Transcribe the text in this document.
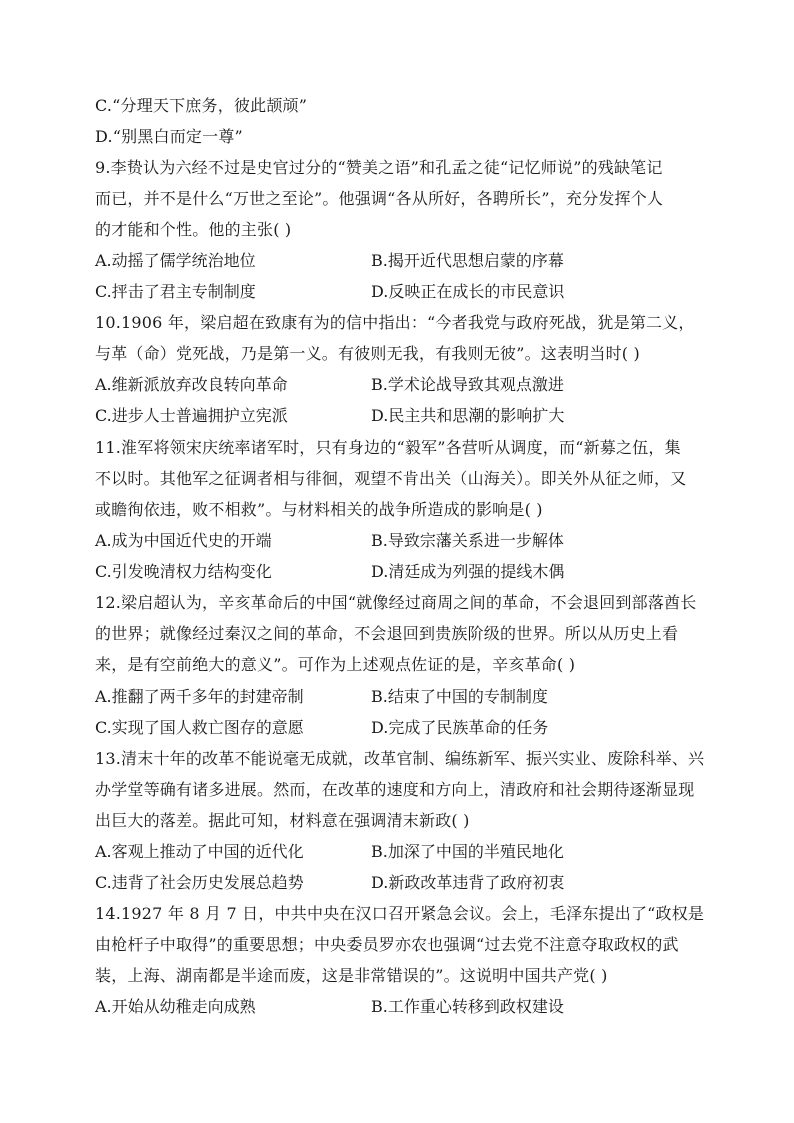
C.“分理天下庶务，彼此颉颃”
D.“别黑白而定一尊”
9.李贽认为六经不过是史官过分的“赞美之语”和孔孟之徒“记忆师说”的残缺笔记
而已，并不是什么“万世之至论”。他强调“各从所好，各聘所长”，充分发挥个人
的才能和个性。他的主张( )
A.动摇了儒学统治地位	B.揭开近代思想启蒙的序幕
C.抨击了君主专制制度	D.反映正在成长的市民意识
10.1906 年，梁启超在致康有为的信中指出：“今者我党与政府死战，犹是第二义，
与革（命）党死战，乃是第一义。有彼则无我，有我则无彼”。这表明当时( )
A.维新派放弃改良转向革命	B.学术论战导致其观点激进
C.进步人士普遍拥护立宪派	D.民主共和思潮的影响扩大
11.淮军将领宋庆统率诸军时，只有身边的“毅军”各营听从调度，而“新募之伍，集
不以时。其他军之征调者相与徘徊，观望不肯出关（山海关）。即关外从征之师，又
或瞻徇依违，败不相救”。与材料相关的战争所造成的影响是( )
A.成为中国近代史的开端	B.导致宗藩关系进一步解体
C.引发晚清权力结构变化	D.清廷成为列强的提线木偶
12.梁启超认为，辛亥革命后的中国“就像经过商周之间的革命，不会退回到部落酋长
的世界；就像经过秦汉之间的革命，不会退回到贵族阶级的世界。所以从历史上看
来，是有空前绝大的意义”。可作为上述观点佐证的是，辛亥革命( )
A.推翻了两千多年的封建帝制	B.结束了中国的专制制度
C.实现了国人救亡图存的意愿	D.完成了民族革命的任务
13.清末十年的改革不能说毫无成就，改革官制、编练新军、振兴实业、废除科举、兴
办学堂等确有诸多进展。然而，在改革的速度和方向上，清政府和社会期待逐渐显现
出巨大的落差。据此可知，材料意在强调清末新政( )
A.客观上推动了中国的近代化	B.加深了中国的半殖民地化
C.违背了社会历史发展总趋势	D.新政改革违背了政府初衷
14.1927 年 8 月 7 日，中共中央在汉口召开紧急会议。会上，毛泽东提出了“政权是
由枪杆子中取得”的重要思想；中央委员罗亦农也强调“过去党不注意夺取政权的武
装，上海、湖南都是半途而废，这是非常错误的”。这说明中国共产党( )
A.开始从幼稚走向成熟	B.工作重心转移到政权建设
